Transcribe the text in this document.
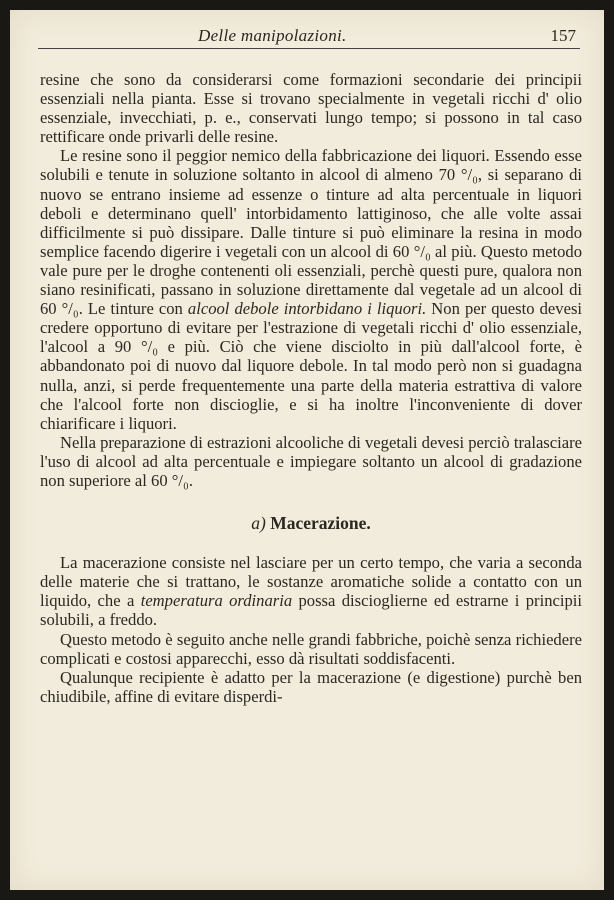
Delle manipolazioni.	157

resine che sono da considerarsi come formazioni secondarie dei principii essenziali nella pianta. Esse si trovano specialmente in vegetali ricchi d' olio essenziale, invecchiati, p. e., conservati lungo tempo; si possono in tal caso rettificare onde privarli delle resine.

Le resine sono il peggior nemico della fabbricazione dei liquori. Essendo esse solubili e tenute in soluzione soltanto in alcool di almeno 70 °/₀, si separano di nuovo se entrano insieme ad essenze o tinture ad alta percentuale in liquori deboli e determinano quell' intorbidamento lattiginoso, che alle volte assai difficilmente si può dissipare. Dalle tinture si può eliminare la resina in modo semplice facendo digerire i vegetali con un alcool di 60 °/₀ al più. Questo metodo vale pure per le droghe contenenti oli essenziali, perchè questi pure, qualora non siano resinificati, passano in soluzione direttamente dal vegetale ad un alcool di 60 °/₀. Le tinture con alcool debole intorbidano i liquori. Non per questo devesi credere opportuno di evitare per l'estrazione di vegetali ricchi d' olio essenziale, l'alcool a 90 °/₀ e più. Ciò che viene disciolto in più dall'alcool forte, è abbandonato poi di nuovo dal liquore debole. In tal modo però non si guadagna nulla, anzi, si perde frequentemente una parte della materia estrattiva di valore che l'alcool forte non discioglie, e si ha inoltre l'inconveniente di dover chiarificare i liquori.

Nella preparazione di estrazioni alcooliche di vegetali devesi perciò tralasciare l'uso di alcool ad alta percentuale e impiegare soltanto un alcool di gradazione non superiore al 60 °/₀.

a) Macerazione.

La macerazione consiste nel lasciare per un certo tempo, che varia a seconda delle materie che si trattano, le sostanze aromatiche solide a contatto con un liquido, che a temperatura ordinaria possa discioglierne ed estrarne i principii solubili, a freddo.

Questo metodo è seguito anche nelle grandi fabbriche, poichè senza richiedere complicati e costosi apparecchi, esso dà risultati soddisfacenti.

Qualunque recipiente è adatto per la macerazione (e digestione) purchè ben chiudibile, affine di evitare disperdi-
